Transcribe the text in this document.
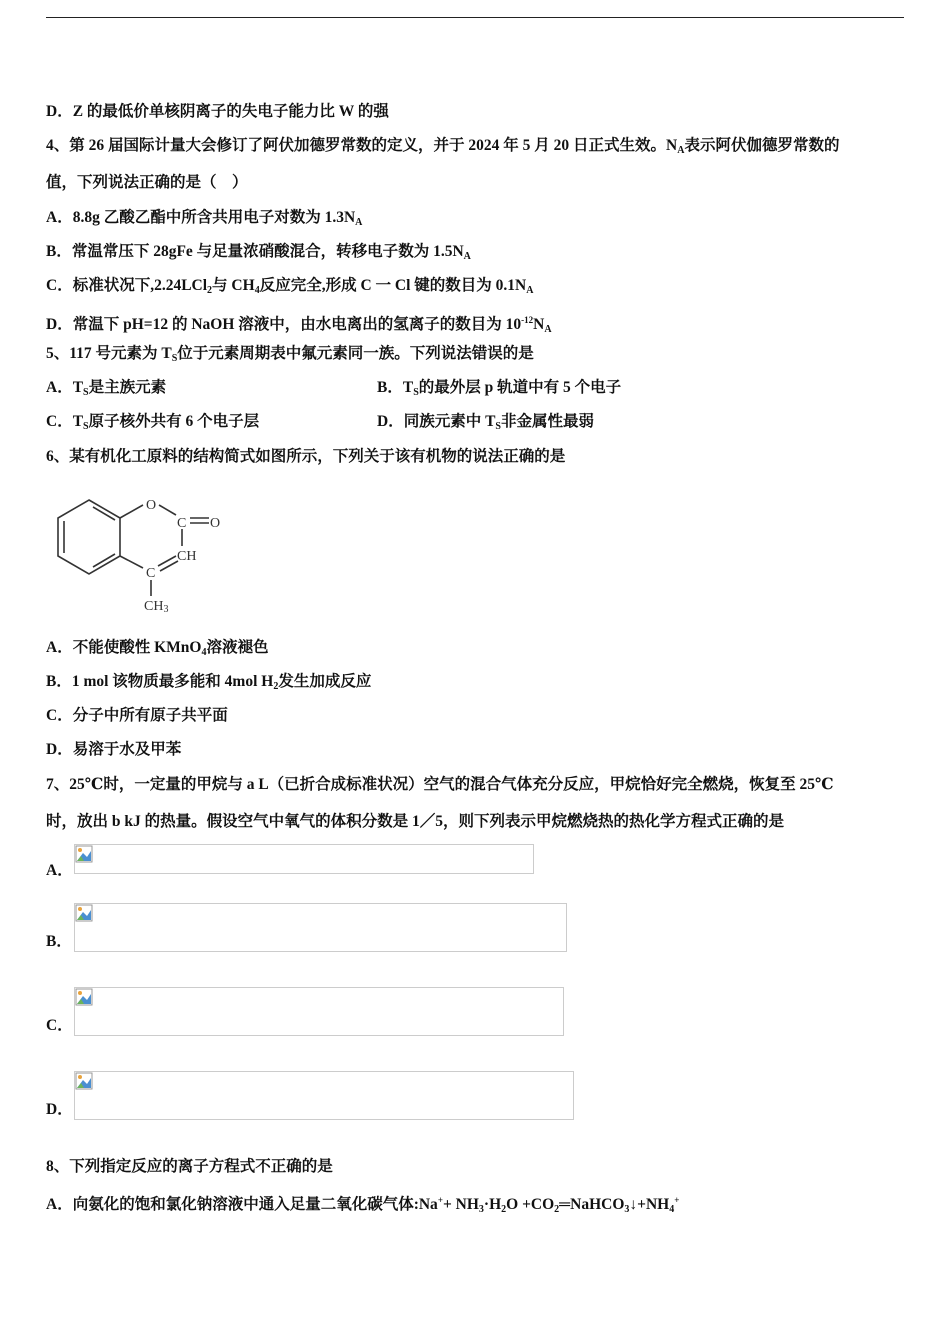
D．Z 的最低价单核阴离子的失电子能力比 W 的强
4、第 26 届国际计量大会修订了阿伏加德罗常数的定义，并于 2024 年 5 月 20 日正式生效。$N_A$表示阿伏伽德罗常数的
值，下列说法正确的是（　）
A．8.8g 乙酸乙酯中所含共用电子对数为 $1.3N_A$
B．常温常压下 28gFe 与足量浓硝酸混合，转移电子数为 $1.5N_A$
C．标准状况下,2.24LCl$_2$与 $CH_4$反应完全,形成 C 一 Cl 键的数目为 $0.1N_A$
D．常温下 pH=12 的 NaOH 溶液中，由水电离出的氢离子的数目为 $10^{-12}N_A$
5、117 号元素为 $T_S$位于元素周期表中氟元素同一族。下列说法错误的是
A．$T_S$是主族元素	B．$T_S$的最外层 p 轨道中有 5 个电子
C．$T_S$原子核外共有 6 个电子层	D．同族元素中 $T_S$非金属性最弱
6、某有机化工原料的结构简式如图所示，下列关于该有机物的说法正确的是
O
C O
CH
C
CH3
A．不能使酸性 KMnO$_4$溶液褪色
B．1 mol 该物质最多能和 4mol $H_2$发生加成反应
C．分子中所有原子共平面
D．易溶于水及甲苯
7、25℃时，一定量的甲烷与 a L（已折合成标准状况）空气的混合气体充分反应，甲烷恰好完全燃烧，恢复至 25℃
时，放出 b kJ 的热量。假设空气中氧气的体积分数是 1／5，则下列表示甲烷燃烧热的热化学方程式正确的是
A．
B．
C．
D．
8、下列指定反应的离子方程式不正确的是
A．向氨化的饱和氯化钠溶液中通入足量二氧化碳气体:Na++ $NH_3\cdot H_2O$ $+CO_2═NaHCO_3↓+NH_4^+$
